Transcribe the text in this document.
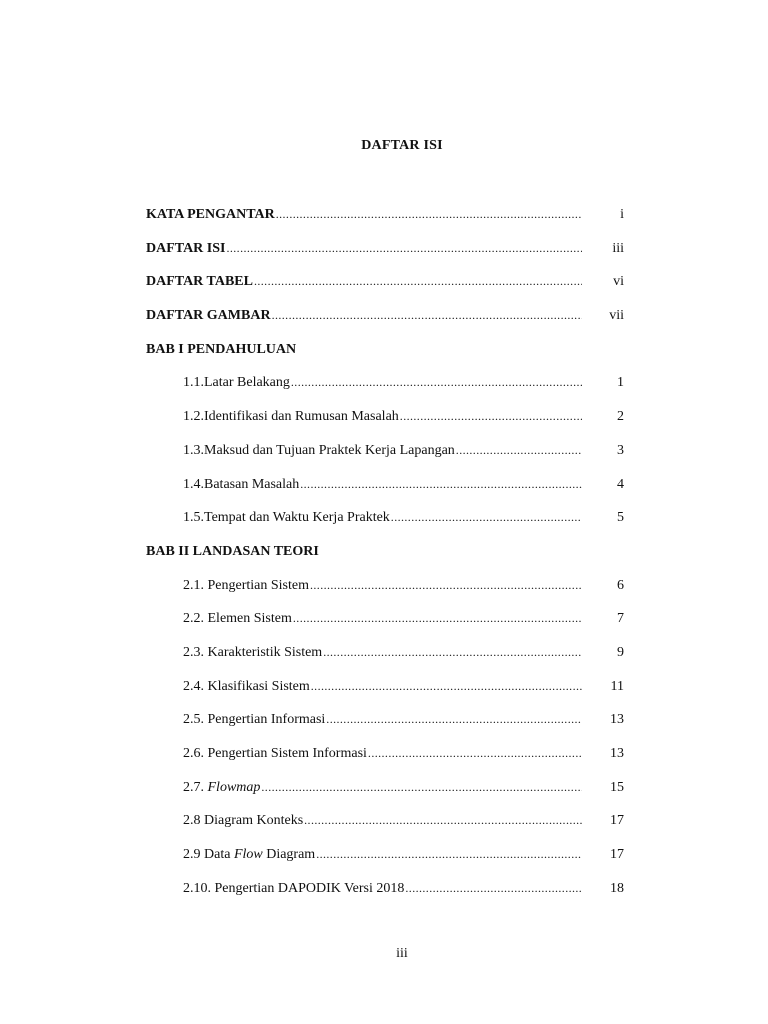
DAFTAR ISI
KATA PENGANTAR .....	i
DAFTAR ISI .....	iii
DAFTAR TABEL .....	vi
DAFTAR GAMBAR .....	vii
BAB I PENDAHULUAN
1.1.Latar Belakang .....	1
1.2.Identifikasi dan Rumusan Masalah .....	2
1.3.Maksud dan Tujuan Praktek Kerja Lapangan .....	3
1.4.Batasan Masalah .....	4
1.5.Tempat dan Waktu Kerja Praktek .....	5
BAB II LANDASAN TEORI
2.1. Pengertian Sistem .....	6
2.2. Elemen Sistem .....	7
2.3. Karakteristik Sistem .....	9
2.4. Klasifikasi Sistem .....	11
2.5. Pengertian Informasi .....	13
2.6. Pengertian Sistem Informasi .....	13
2.7. Flowmap .....	15
2.8 Diagram Konteks .....	17
2.9 Data Flow Diagram .....	17
2.10. Pengertian DAPODIK Versi 2018 .....	18
iii
